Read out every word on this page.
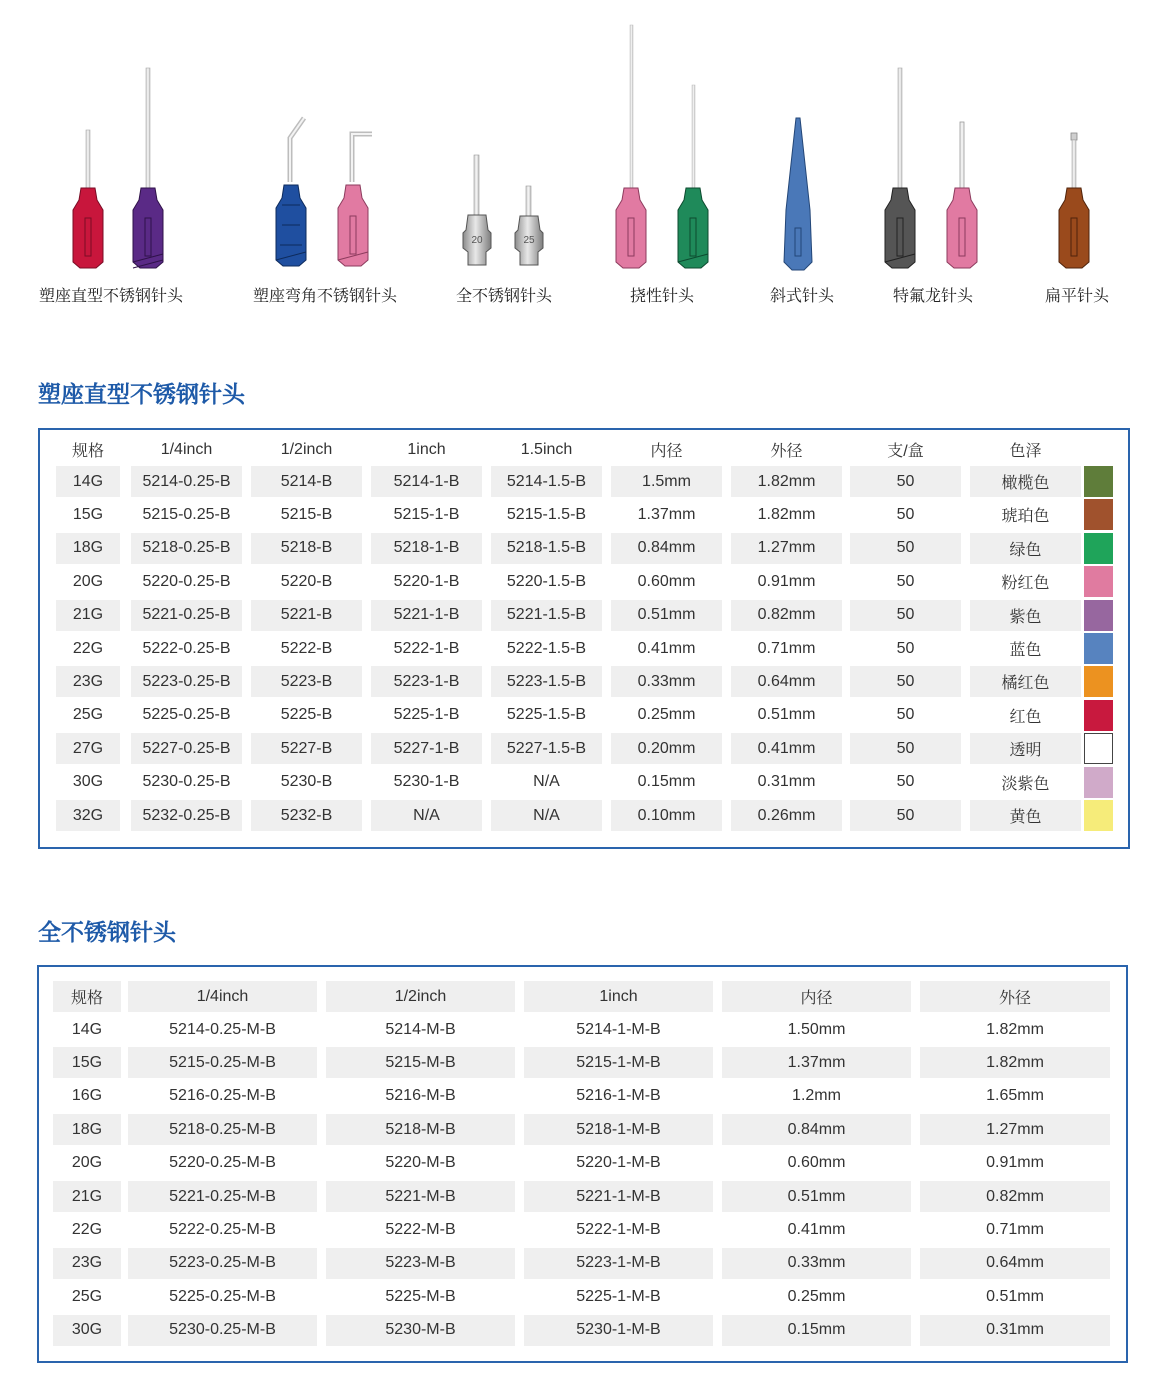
20	25
塑座直型不锈钢针头	塑座弯角不锈钢针头	全不锈钢针头	挠性针头	斜式针头	特氟龙针头	扁平针头
塑座直型不锈钢针头
规格	1/4inch	1/2inch	1inch	1.5inch	内径	外径	支/盒	色泽
14G	5214-0.25-B	5214-B	5214-1-B	5214-1.5-B	1.5mm	1.82mm	50	橄榄色
15G	5215-0.25-B	5215-B	5215-1-B	5215-1.5-B	1.37mm	1.82mm	50	琥珀色
18G	5218-0.25-B	5218-B	5218-1-B	5218-1.5-B	0.84mm	1.27mm	50	绿色
20G	5220-0.25-B	5220-B	5220-1-B	5220-1.5-B	0.60mm	0.91mm	50	粉红色
21G	5221-0.25-B	5221-B	5221-1-B	5221-1.5-B	0.51mm	0.82mm	50	紫色
22G	5222-0.25-B	5222-B	5222-1-B	5222-1.5-B	0.41mm	0.71mm	50	蓝色
23G	5223-0.25-B	5223-B	5223-1-B	5223-1.5-B	0.33mm	0.64mm	50	橘红色
25G	5225-0.25-B	5225-B	5225-1-B	5225-1.5-B	0.25mm	0.51mm	50	红色
27G	5227-0.25-B	5227-B	5227-1-B	5227-1.5-B	0.20mm	0.41mm	50	透明
30G	5230-0.25-B	5230-B	5230-1-B	N/A	0.15mm	0.31mm	50	淡紫色
32G	5232-0.25-B	5232-B	N/A	N/A	0.10mm	0.26mm	50	黄色
全不锈钢针头
规格	1/4inch	1/2inch	1inch	内径	外径
14G	5214-0.25-M-B	5214-M-B	5214-1-M-B	1.50mm	1.82mm
15G	5215-0.25-M-B	5215-M-B	5215-1-M-B	1.37mm	1.82mm
16G	5216-0.25-M-B	5216-M-B	5216-1-M-B	1.2mm	1.65mm
18G	5218-0.25-M-B	5218-M-B	5218-1-M-B	0.84mm	1.27mm
20G	5220-0.25-M-B	5220-M-B	5220-1-M-B	0.60mm	0.91mm
21G	5221-0.25-M-B	5221-M-B	5221-1-M-B	0.51mm	0.82mm
22G	5222-0.25-M-B	5222-M-B	5222-1-M-B	0.41mm	0.71mm
23G	5223-0.25-M-B	5223-M-B	5223-1-M-B	0.33mm	0.64mm
25G	5225-0.25-M-B	5225-M-B	5225-1-M-B	0.25mm	0.51mm
30G	5230-0.25-M-B	5230-M-B	5230-1-M-B	0.15mm	0.31mm
